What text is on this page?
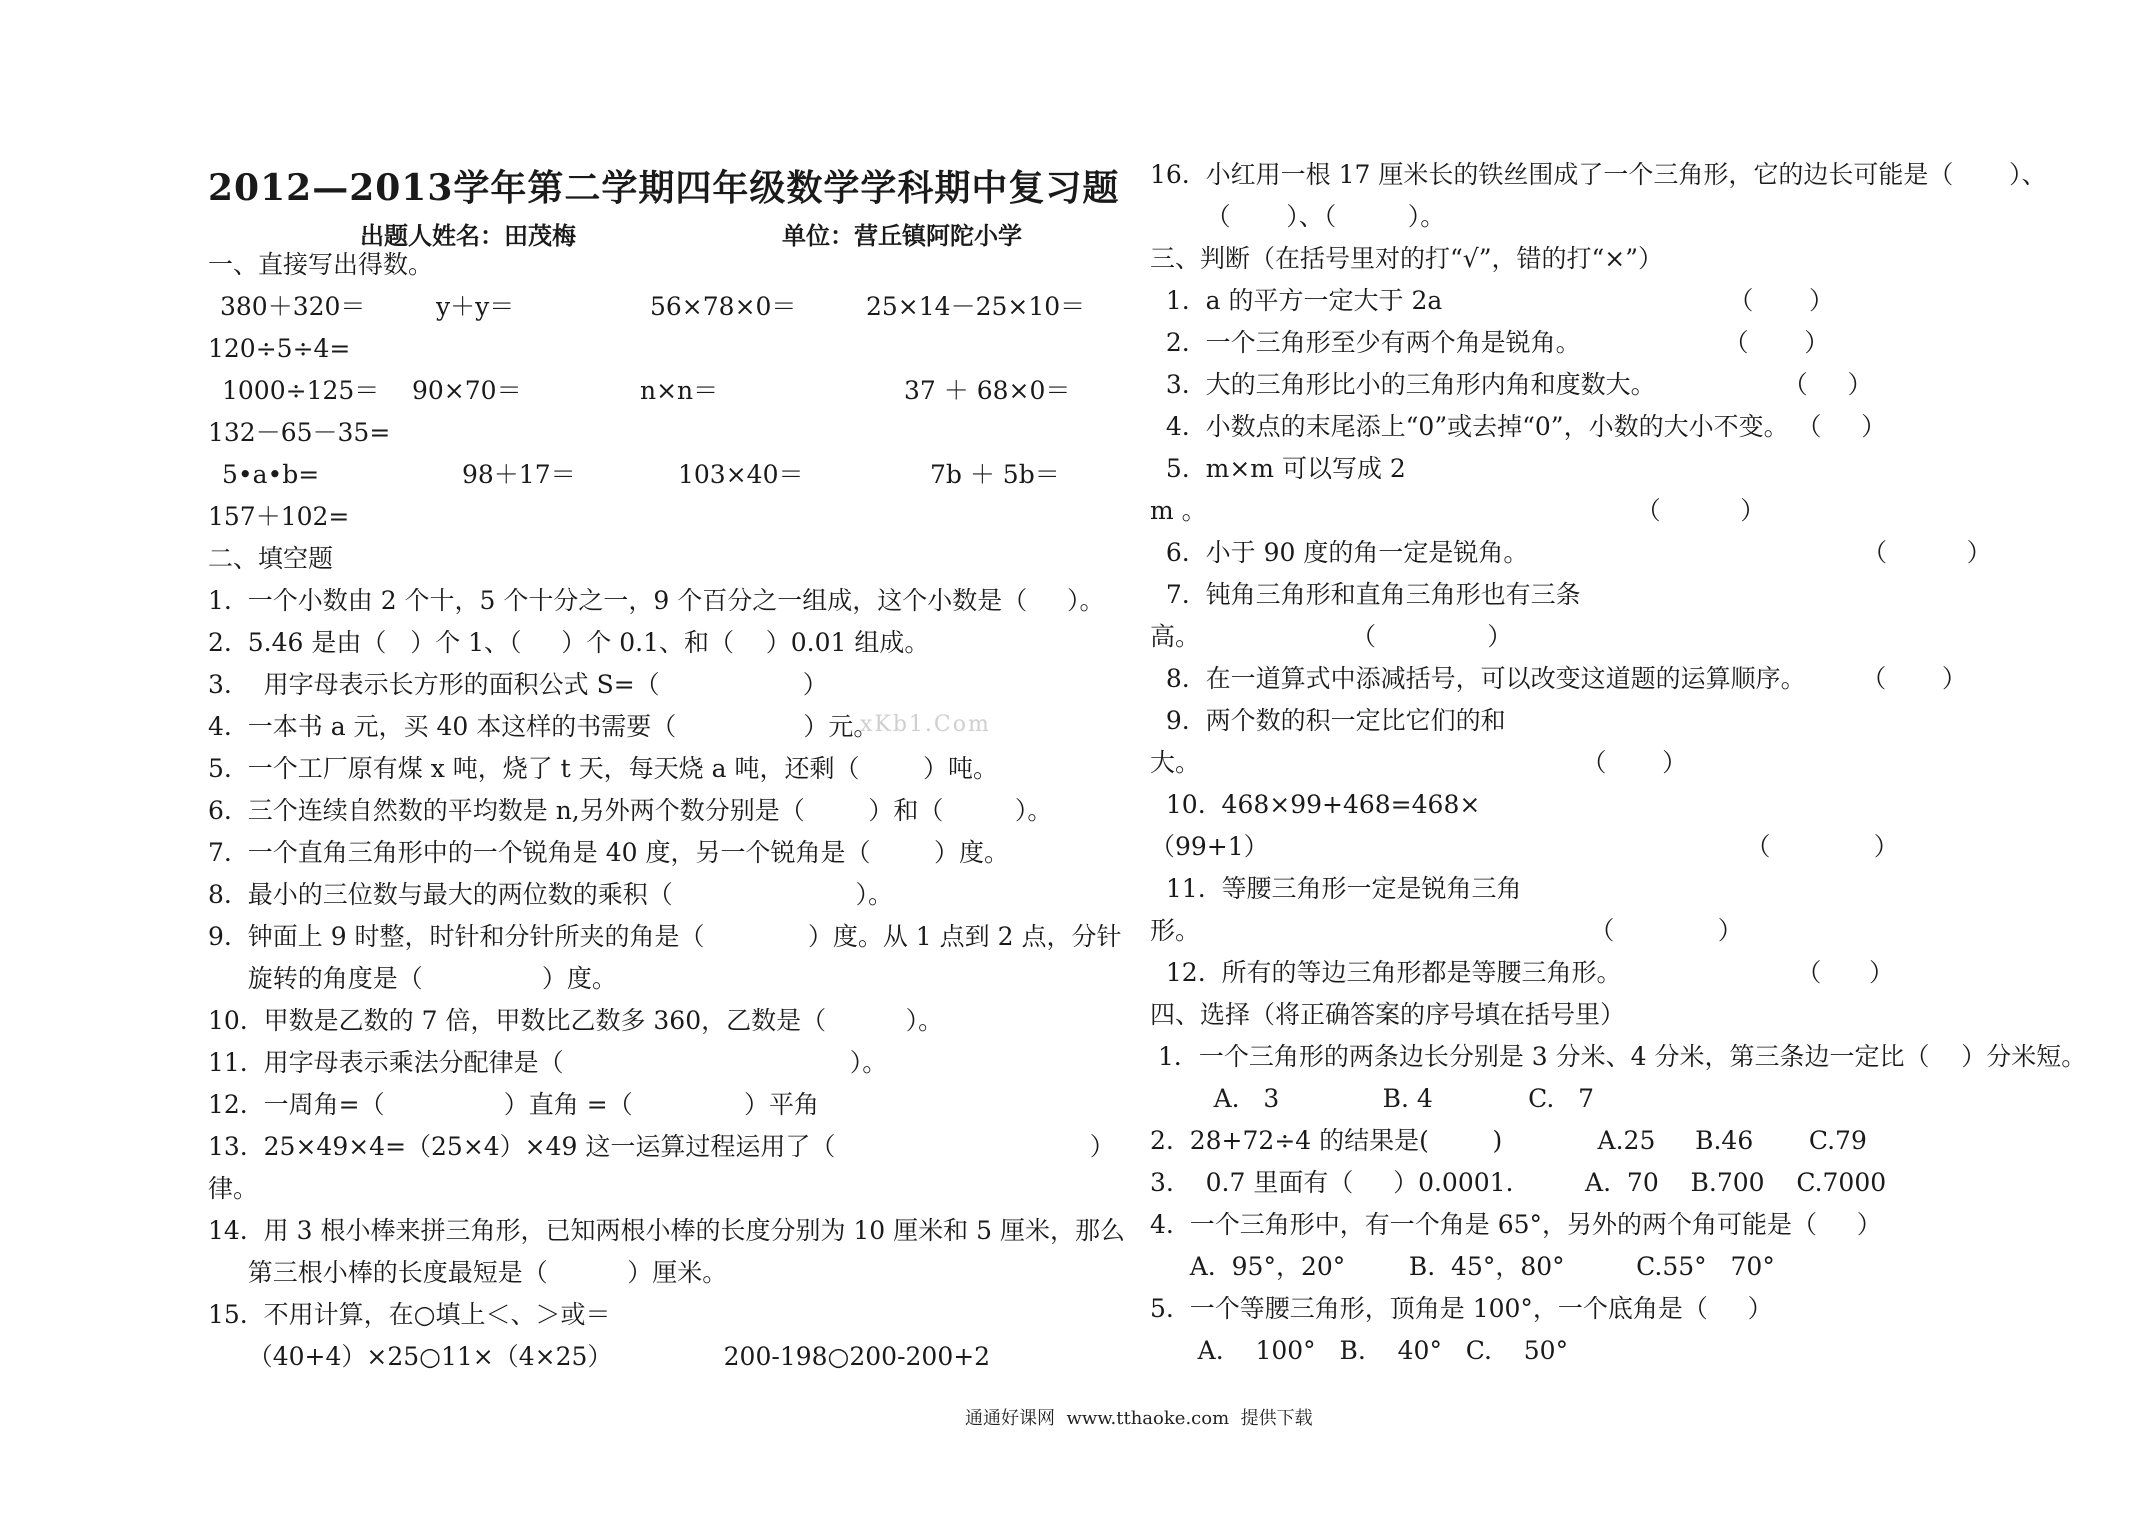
2012—2013学年第二学期四年级数学学科期中复习题
出题人姓名：田茂梅	单位：营丘镇阿陀小学
xKb1.Com
一、直接写出得数。
380＋320＝	y＋y＝	56×78×0＝	25×14－25×10＝
120÷5÷4=
1000÷125＝ 90×70＝	n×n＝	37 ＋ 68×0＝
132－65－35=
5•a•b=	98＋17＝	103×40＝	7b ＋ 5b＝
157＋102=
二、填空题
1.  一个小数由 2 个十，5 个十分之一，9 个百分之一组成，这个小数是（     ）。
2.  5.46 是由（   ）个 1、（     ）个 0.1、和（    ）0.01 组成。
3.    用字母表示长方形的面积公式 S=（                  ）
4.  一本书 a 元，买 40 本这样的书需要（                ）元。
5.  一个工厂原有煤 x 吨，烧了 t 天，每天烧 a 吨，还剩（        ）吨。
6.  三个连续自然数的平均数是 n,另外两个数分别是（        ）和（         ）。
7.  一个直角三角形中的一个锐角是 40 度，另一个锐角是（        ）度。
8.  最小的三位数与最大的两位数的乘积（                       ）。
9.  钟面上 9 时整，时针和分针所夹的角是（             ）度。从 1 点到 2 点，分针
旋转的角度是（               ）度。
10.  甲数是乙数的 7 倍，甲数比乙数多 360，乙数是（          ）。
11.  用字母表示乘法分配律是（                                    ）。
12.  一周角=（               ）直角 =（              ）平角
13.  25×49×4=（25×4）×49 这一运算过程运用了（                                ）
律。
14.  用 3 根小棒来拼三角形，已知两根小棒的长度分别为 10 厘米和 5 厘米，那么
第三根小棒的长度最短是（          ）厘米。
15.  不用计算，在○填上＜、＞或＝
（40+4）×25○11×（4×25）              200-198○200-200+2
16.  小红用一根 17 厘米长的铁丝围成了一个三角形，它的边长可能是（       ）、
（       ）、（         ）。
三、判断（在括号里对的打“√”，错的打“×”）
1.  a 的平方一定大于 2a                                    （       ）
2.  一个三角形至少有两个角是锐角。                  （       ）
3.  大的三角形比小的三角形内角和度数大。                （     ）
4.  小数点的末尾添上“0”或去掉“0”，小数的大小不变。 （     ）
5.  m×m 可以写成 2
m 。                                                      （          ）
6.  小于 90 度的角一定是锐角。                                          （          ）
7.  钝角三角形和直角三角形也有三条
高。                   （              ）
8.  在一道算式中添减括号，可以改变这道题的运算顺序。       （       ）
9.  两个数的积一定比它们的和
大。                                                （       ）
10.  468×99+468=468×
（99+1）                                                            （             ）
11.  等腰三角形一定是锐角三角
形。                                                 （             ）
12.  所有的等边三角形都是等腰三角形。                      （      ）
四、选择（将正确答案的序号填在括号里）
1．一个三角形的两条边长分别是 3 分米、4 分米，第三条边一定比（    ）分米短。
A.   3             B. 4            C.   7
2.  28+72÷4 的结果是(        )            A.25     B.46       C.79
3.    0.7 里面有（     ）0.0001.         A.  70    B.700    C.7000
4.  一个三角形中，有一个角是 65°，另外的两个角可能是（     ）
A.  95°，20°        B.  45°，80°         C.55°   70°
5.  一个等腰三角形，顶角是 100°，一个底角是（     ）
A.    100°   B.    40°   C.    50°
通通好课网  www.tthaoke.com  提供下载
